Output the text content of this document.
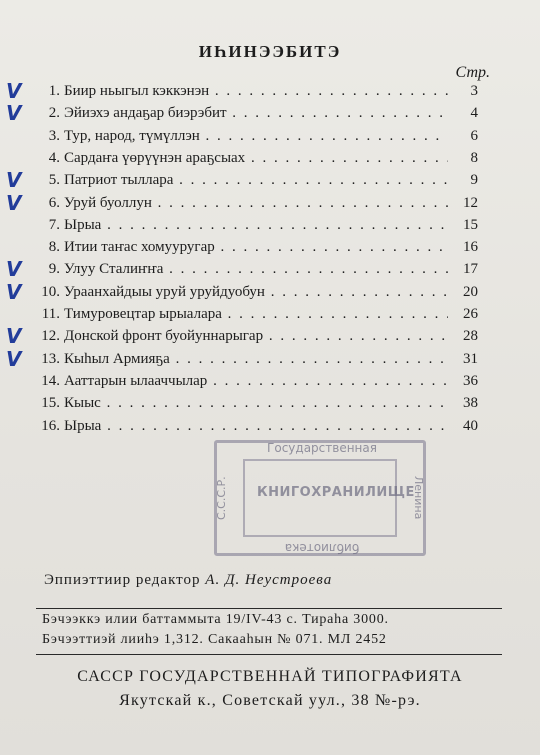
ИҺИНЭЭБИТЭ
Стр.
V	1. Биир ньыгыл кэккэнэн . . .	3
V	2. Эйиэхэ андаҕар биэрэбит . . .	4
3. Тур, народ, түмүллэн . . .	6
4. Сардаҥа үөрүүнэн араҕсыах . . .	8
V	5. Патриот тыллара . . .	9
V	6. Уруй буоллун . . .	12
7. Ырыа . . .	15
8. Итии таҥас хомууругар . . .	16
V	9. Улуу Сталиҥҥа . . .	17
V	10. Ураанхайдыы уруй уруйдуобун . . .	20
11. Тимуровецтар ырыалара . . .	26
V	12. Донской фронт буойуннарыгар . . .	28
V	13. Кыһыл Армияҕа . . .	31
14. Ааттарын ылааччылар . . .	36
15. Кыыс . . .	38
16. Ырыа . . .	40
Государственная
КНИГОХРАНИЛИЩЕ
библиотека
С.С.С.Р.	Ленина
Эппиэттиир редактор А. Д. Неустроева
Бэчээккэ илии баттаммыта 19/IV-43 с. Тираһа 3000.
Бэчээттиэй лииһэ 1,312. Сакааһын № 071. МЛ 2452
САССР ГОСУДАРСТВЕННАЙ ТИПОГРАФИЯТА
Якутскай к., Советскай уул., 38 №-рэ.
